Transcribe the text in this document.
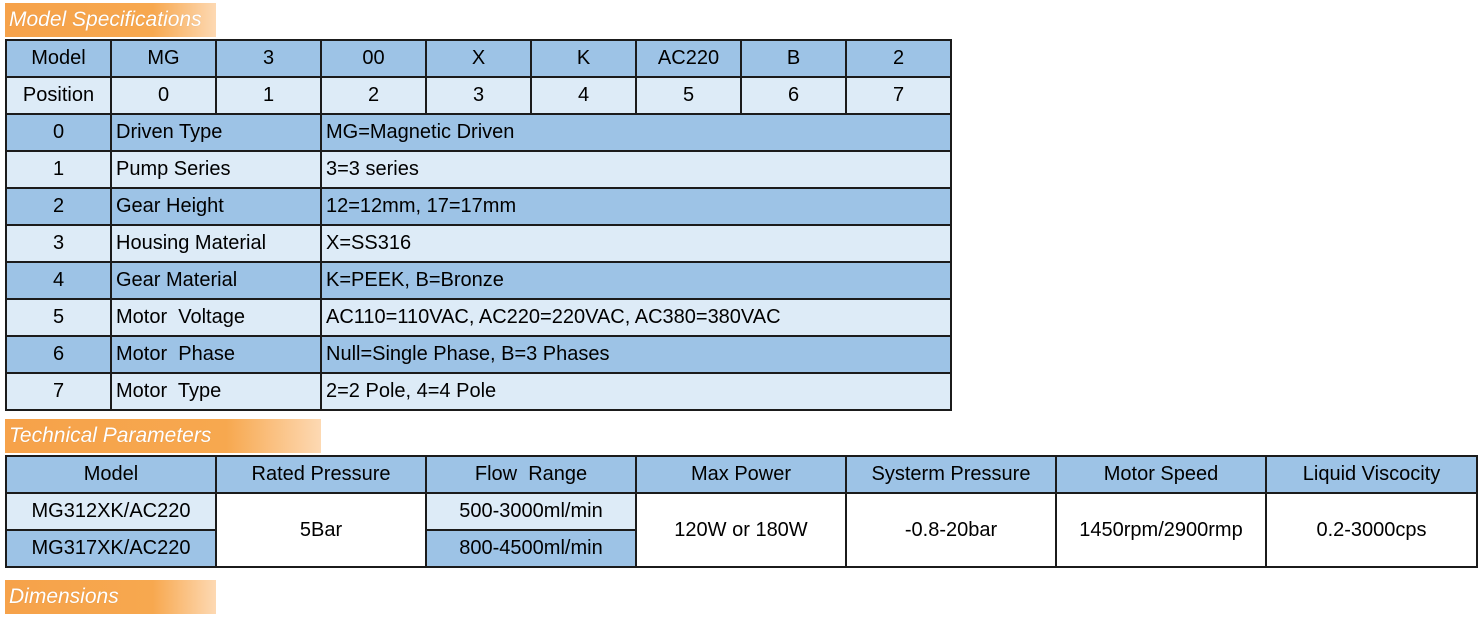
Model Specifications
Model	MG	3	00	X	K	AC220	B	2
Position	0	1	2	3	4	5	6	7
0	Driven Type		MG=Magnetic Driven					
1	Pump Series		3=3 series					
2	Gear Height		12=12mm, 17=17mm					
3	Housing Material		X=SS316					
4	Gear Material		K=PEEK, B=Bronze					
5	Motor  Voltage		AC110=110VAC, AC220=220VAC, AC380=380VAC					
6	Motor  Phase		Null=Single Phase, B=3 Phases					
7	Motor  Type		2=2 Pole, 4=4 Pole					
Technical Parameters
Model	Rated Pressure	Flow  Range	Max Power	Systerm Pressure	Motor Speed	Liquid Viscocity
MG312XK/AC220	5Bar	500-3000ml/min	120W or 180W	-0.8-20bar	1450rpm/2900rmp	0.2-3000cps
MG317XK/AC220		800-4500ml/min				
Dimensions
